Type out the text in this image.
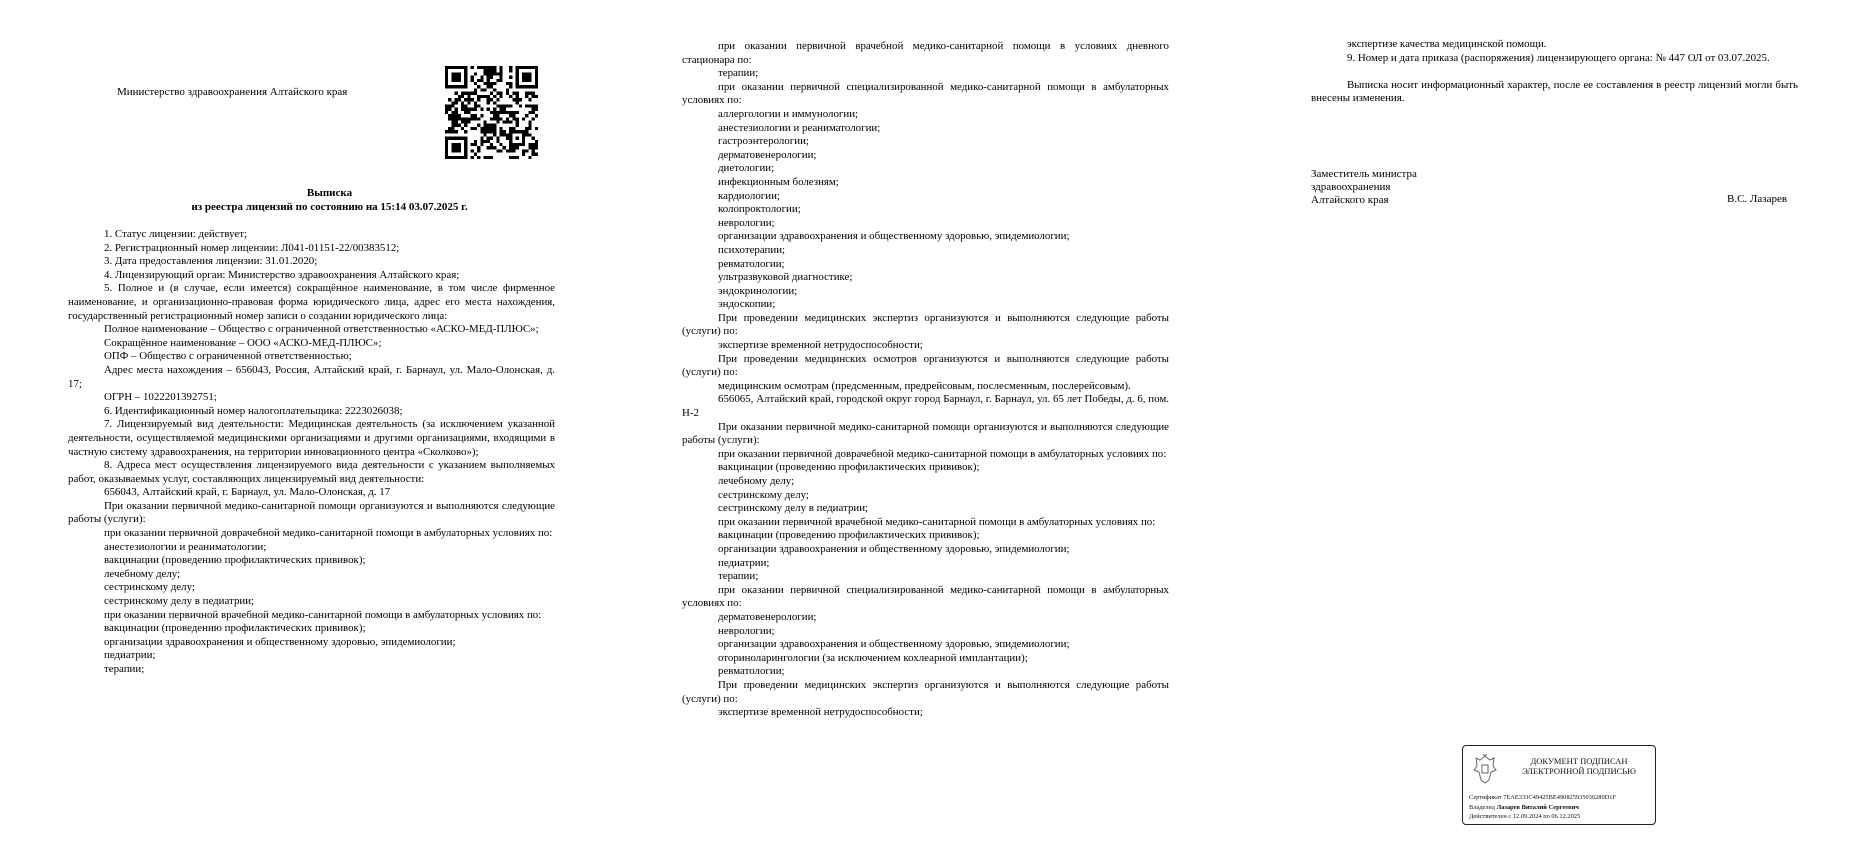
Министерство здравоохранения Алтайского края
Выписка
из реестра лицензий по состоянию на 15:14 03.07.2025 г.

1. Статус лицензии: действует;

2. Регистрационный номер лицензии: Л041-01151-22/00383512;

3. Дата предоставления лицензии: 31.01.2020;

4. Лицензирующий орган: Министерство здравоохранения Алтайского края;

5. Полное и (в случае, если имеется) сокращённое наименование, в том числе фирменное наименование, и организационно-правовая форма юридического лица, адрес его места нахождения, государственный регистрационный номер записи о создании юридического лица:

Полное наименование – Общество с ограниченной ответственностью «АСКО-МЕД-ПЛЮС»;

Сокращённое наименование – ООО «АСКО-МЕД-ПЛЮС»;

ОПФ – Общество с ограниченной ответственностью;

Адрес места нахождения – 656043, Россия, Алтайский край, г. Барнаул, ул. Мало-Олонская, д. 17;

ОГРН – 1022201392751;

6. Идентификационный номер налогоплательщика: 2223026038;

7. Лицензируемый вид деятельности: Медицинская деятельность (за исключением указанной деятельности, осуществляемой медицинскими организациями и другими организациями, входящими в частную систему здравоохранения, на территории инновационного центра «Сколково»);

8. Адреса мест осуществления лицензируемого вида деятельности с указанием выполняемых работ, оказываемых услуг, составляющих лицензируемый вид деятельности:

656043, Алтайский край, г. Барнаул, ул. Мало-Олонская, д. 17

При оказании первичной медико-санитарной помощи организуются и выполняются следующие работы (услуги):

при оказании первичной доврачебной медико-санитарной помощи в амбулаторных условиях по:

анестезиологии и реаниматологии;

вакцинации (проведению профилактических прививок);

лечебному делу;

сестринскому делу;

сестринскому делу в педиатрии;

при оказании первичной врачебной медико-санитарной помощи в амбулаторных условиях по:

вакцинации (проведению профилактических прививок);

организации здравоохранения и общественному здоровью, эпидемиологии;

педиатрии;

терапии;

при оказании первичной врачебной медико-санитарной помощи в условиях дневного стационара по:

терапии;

при оказании первичной специализированной медико-санитарной помощи в амбулаторных условиях по:

аллергологии и иммунологии;

анестезиологии и реаниматологии;

гастроэнтерологии;

дерматовенерологии;

диетологии;

инфекционным болезням;

кардиологии;

колопроктологии;

неврологии;

организации здравоохранения и общественному здоровью, эпидемиологии;

психотерапии;

ревматологии;

ультразвуковой диагностике;

эндокринологии;

эндоскопии;

При проведении медицинских экспертиз организуются и выполняются следующие работы (услуги) по:

экспертизе временной нетрудоспособности;

При проведении медицинских осмотров организуются и выполняются следующие работы (услуги) по:

медицинским осмотрам (предсменным, предрейсовым, послесменным, послерейсовым).

656065, Алтайский край, городской округ город Барнаул, г. Барнаул, ул. 65 лет Победы, д. 6, пом. Н-2

При оказании первичной медико-санитарной помощи организуются и выполняются следующие работы (услуги):

при оказании первичной доврачебной медико-санитарной помощи в амбулаторных условиях по:

вакцинации (проведению профилактических прививок);

лечебному делу;

сестринскому делу;

сестринскому делу в педиатрии;

при оказании первичной врачебной медико-санитарной помощи в амбулаторных условиях по:

вакцинации (проведению профилактических прививок);

организации здравоохранения и общественному здоровью, эпидемиологии;

педиатрии;

терапии;

при оказании первичной специализированной медико-санитарной помощи в амбулаторных условиях по:

дерматовенерологии;

неврологии;

организации здравоохранения и общественному здоровью, эпидемиологии;

оториноларингологии (за исключением кохлеарной имплантации);

ревматологии;

При проведении медицинских экспертиз организуются и выполняются следующие работы (услуги) по:

экспертизе временной нетрудоспособности;

экспертизе качества медицинской помощи.

9. Номер и дата приказа (распоряжения) лицензирующего органа: № 447 ОЛ от 03.07.2025.

Выписка носит информационный характер, после ее составления в реестр лицензий могли быть внесены изменения.

Заместитель министра
здравоохранения
Алтайского края	В.С. Лазарев
ДОКУМЕНТ ПОДПИСАН
ЭЛЕКТРОННОЙ ПОДПИСЬЮ
Сертификат 7EAE333C49425BE490825935030280D1F
Владелец Лазарев Виталий Сергеевич
Действителен с 12.09.2024 по 06.12.2025
